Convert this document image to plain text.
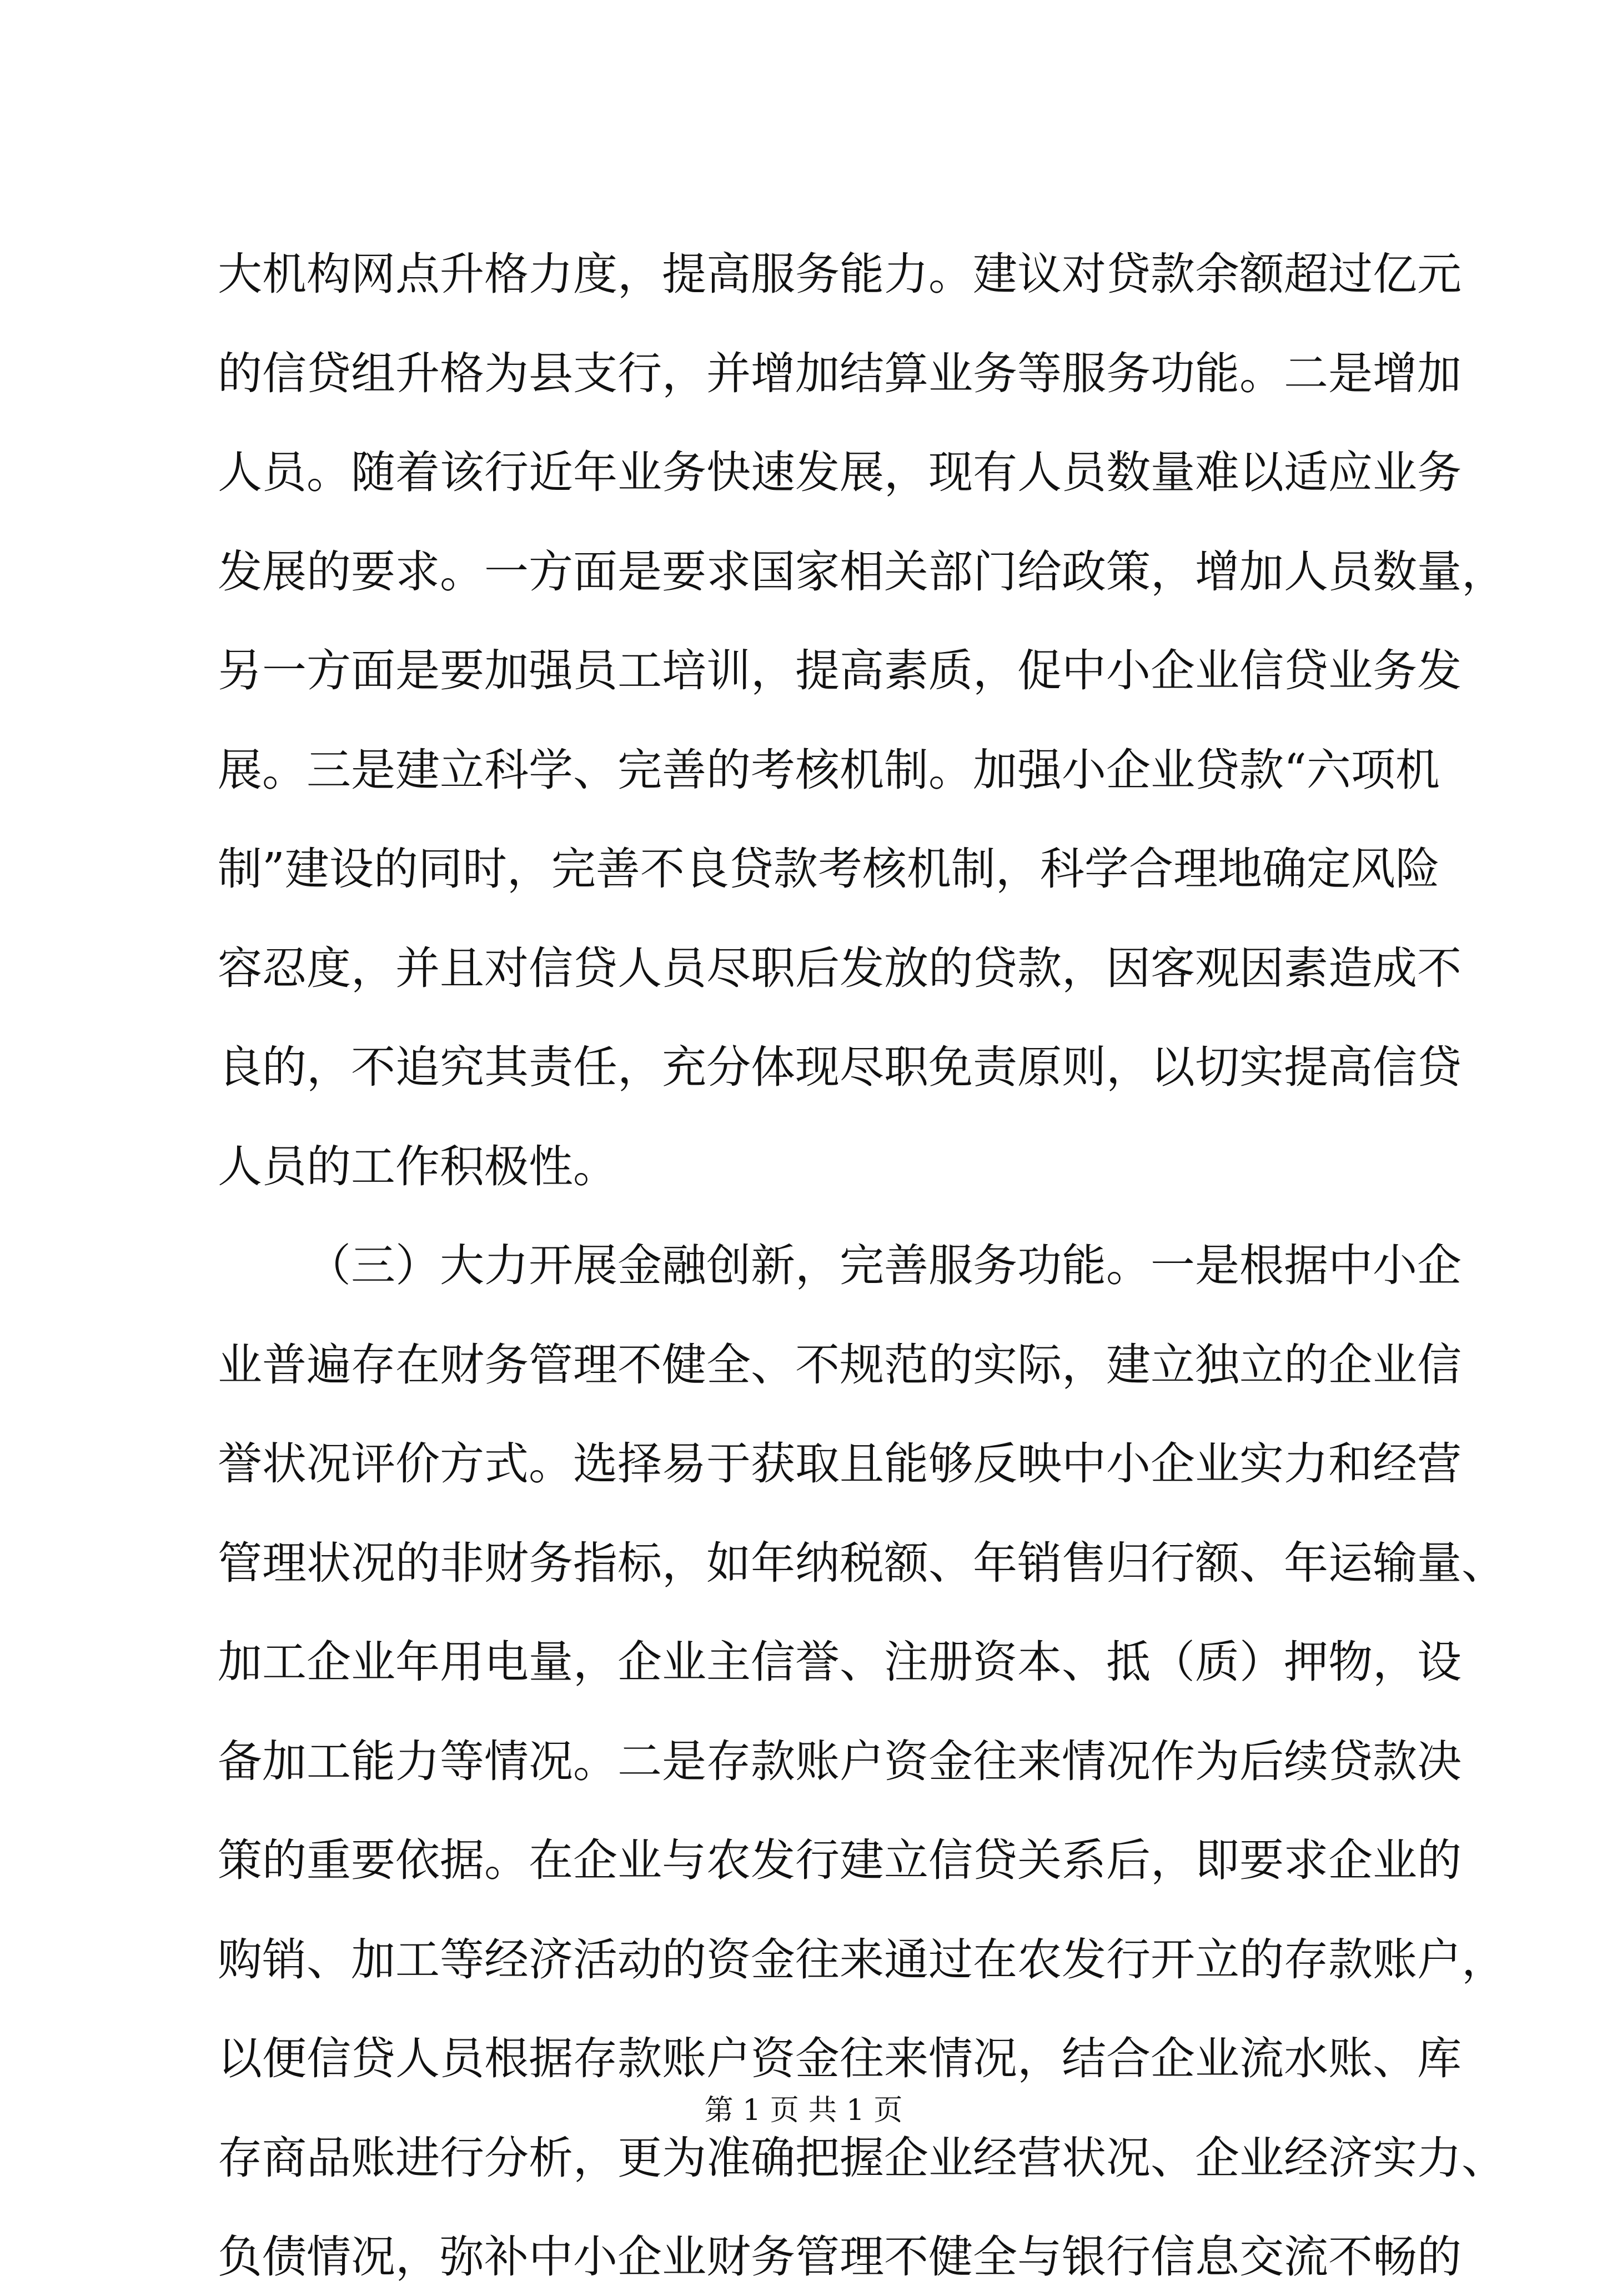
大机构网点升格力度，提高服务能力。建议对贷款余额超过亿元
的信贷组升格为县支行，并增加结算业务等服务功能。二是增加
人员。随着该行近年业务快速发展，现有人员数量难以适应业务
发展的要求。一方面是要求国家相关部门给政策，增加人员数量，
另一方面是要加强员工培训，提高素质，促中小企业信贷业务发
展。三是建立科学、完善的考核机制。加强小企业贷款“六项机
制”建设的同时，完善不良贷款考核机制，科学合理地确定风险
容忍度，并且对信贷人员尽职后发放的贷款，因客观因素造成不
良的，不追究其责任，充分体现尽职免责原则，以切实提高信贷
人员的工作积极性。
（三）大力开展金融创新，完善服务功能。一是根据中小企
业普遍存在财务管理不健全、不规范的实际，建立独立的企业信
誉状况评价方式。选择易于获取且能够反映中小企业实力和经营
管理状况的非财务指标，如年纳税额、年销售归行额、年运输量、
加工企业年用电量，企业主信誉、注册资本、抵（质）押物，设
备加工能力等情况。二是存款账户资金往来情况作为后续贷款决
策的重要依据。在企业与农发行建立信贷关系后，即要求企业的
购销、加工等经济活动的资金往来通过在农发行开立的存款账户，
以便信贷人员根据存款账户资金往来情况，结合企业流水账、库
存商品账进行分析，更为准确把握企业经营状况、企业经济实力、
负债情况，弥补中小企业财务管理不健全与银行信息交流不畅的
第 1 页 共 1 页
